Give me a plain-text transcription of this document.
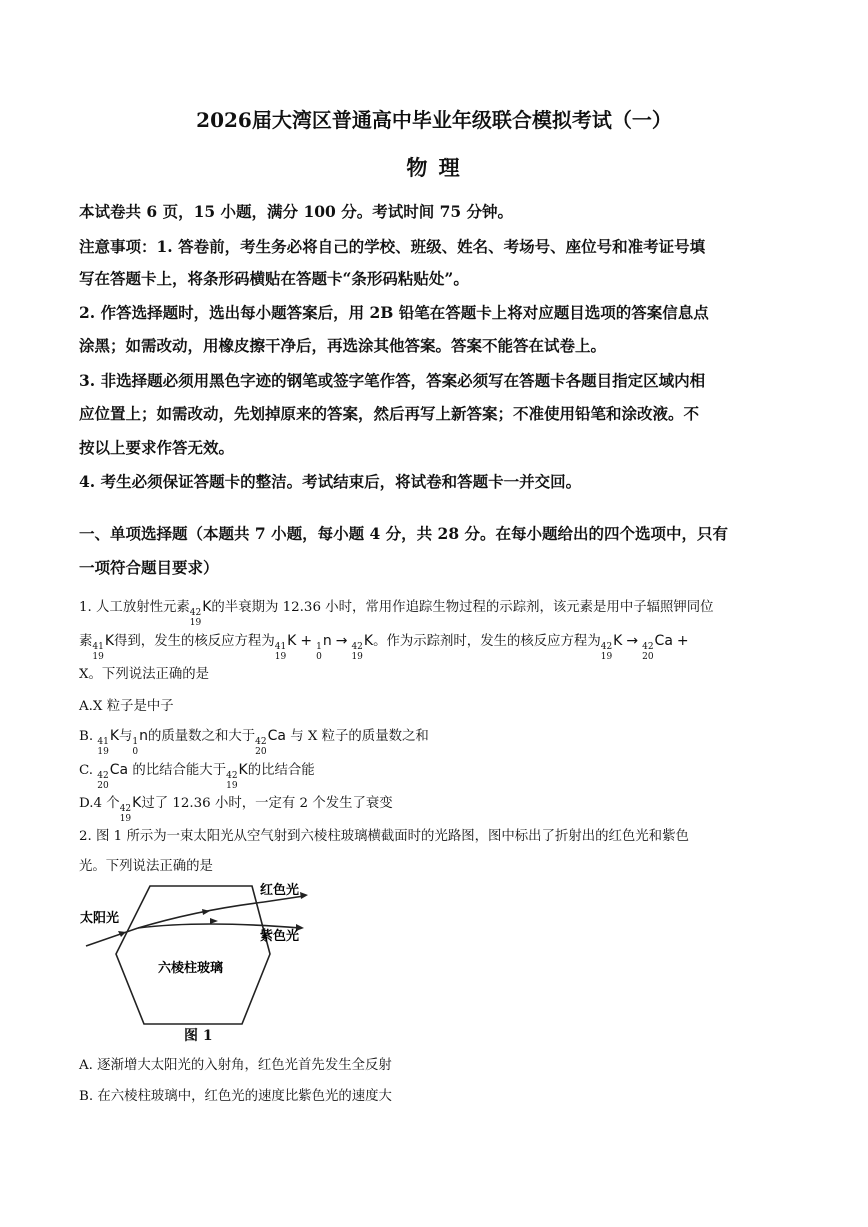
2026届大湾区普通高中毕业年级联合模拟考试（一）
物 理
本试卷共 6 页，15 小题，满分 100 分。考试时间 75 分钟。
注意事项：1. 答卷前，考生务必将自己的学校、班级、姓名、考场号、座位号和准考证号填
写在答题卡上，将条形码横贴在答题卡“条形码粘贴处”。
2. 作答选择题时，选出每小题答案后，用 2B 铅笔在答题卡上将对应题目选项的答案信息点
涂黑；如需改动，用橡皮擦干净后，再选涂其他答案。答案不能答在试卷上。
3. 非选择题必须用黑色字迹的钢笔或签字笔作答，答案必须写在答题卡各题目指定区域内相
应位置上；如需改动，先划掉原来的答案，然后再写上新答案；不准使用铅笔和涂改液。不
按以上要求作答无效。
4. 考生必须保证答题卡的整洁。考试结束后，将试卷和答题卡一并交回。
一、单项选择题（本题共 7 小题，每小题 4 分，共 28 分。在每小题给出的四个选项中，只有
一项符合题目要求）
1. 人工放射性元素 42
19
K的半衰期为 12.36 小时，常用作追踪生物过程的示踪剂，该元素是用中子辐照钾同位
素 41
19
K得到，发生的核反应方程为 41
19
K + 1
0
n → 42
19
K。作为示踪剂时，发生的核反应方程为 42
19
K → 42
20
Ca +
X。下列说法正确的是
A.X 粒子是中子
B. 41
19
K与 1
0
n的质量数之和大于 42
20
Ca 与 X 粒子的质量数之和
C. 42
20
Ca 的比结合能大于 42
19
K的比结合能
D.4 个 42
19
K过了 12.36 小时，一定有 2 个发生了衰变
2. 图 1 所示为一束太阳光从空气射到六棱柱玻璃横截面时的光路图，图中标出了折射出的红色光和紫色
光。下列说法正确的是
太阳光
红色光
紫色光
六棱柱玻璃
图 1
A. 逐渐增大太阳光的入射角，红色光首先发生全反射
B. 在六棱柱玻璃中，红色光的速度比紫色光的速度大
